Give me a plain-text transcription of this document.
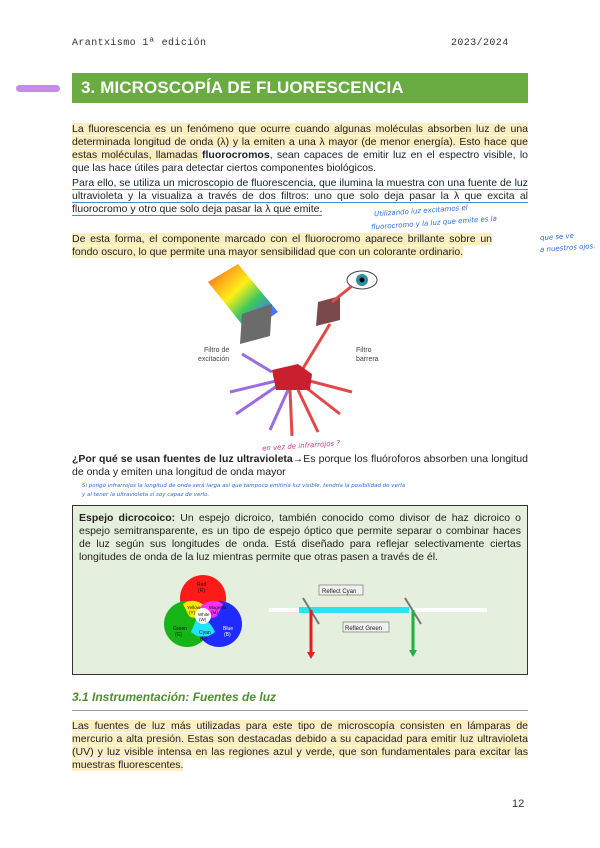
Arantxismo 1ª edición	2023/2024
3. MICROSCOPÍA DE FLUORESCENCIA

La fluorescencia es un fenómeno que ocurre cuando algunas moléculas absorben luz de una determinada longitud de onda (λ) y la emiten a una λ mayor (de menor energía). Esto hace que estas moléculas, llamadas fluorocromos, sean capaces de emitir luz en el espectro visible, lo que las hace útiles para detectar ciertos componentes biológicos.

Para ello, se utiliza un microscopio de fluorescencia, que ilumina la muestra con una fuente de luz ultravioleta y la visualiza a través de dos filtros: uno que solo deja pasar la λ que excita al fluorocromo y otro que solo deja pasar la λ que emite.

De esta forma, el componente marcado con el fluorocromo aparece brillante sobre un fondo oscuro, lo que permite una mayor sensibilidad que con un colorante ordinario.

Utilizando luz excitamos el
fluorocromo y la luz que emite es la
que se ve
a nuestros ojos.
Filtro de
excitación
Filtro
barrera
en vez de infrarrojos ?

¿Por qué se usan fuentes de luz ultravioleta→Es porque los fluóroforos absorben una longitud de onda y emiten una longitud de onda mayor

Si pongo infrarrojos la longitud de onda será larga así que tampoco emitiría luz visible, tendría la posibilidad de verla
y al tener la ultravioleta sí soy capaz de verlo.

Espejo dicrocoico: Un espejo dicroico, también conocido como divisor de haz dicroico o espejo semitransparente, es un tipo de espejo óptico que permite separar o combinar haces de luz según sus longitudes de onda. Está diseñado para reflejar selectivamente ciertas longitudes de onda de la luz mientras permite que otras pasen a través de él.

Red
(R)
Yellow
(Y)
Magenta
(M)
White
(W)
Green
(G)
Blue
(B)
Cyan
(C)
Reflect Cyan
Reflect Green
3.1 Instrumentación: Fuentes de luz

Las fuentes de luz más utilizadas para este tipo de microscopía consisten en lámparas de mercurio a alta presión. Estas son destacadas debido a su capacidad para emitir luz ultravioleta (UV) y luz visible intensa en las regiones azul y verde, que son fundamentales para excitar las muestras fluorescentes.

12
